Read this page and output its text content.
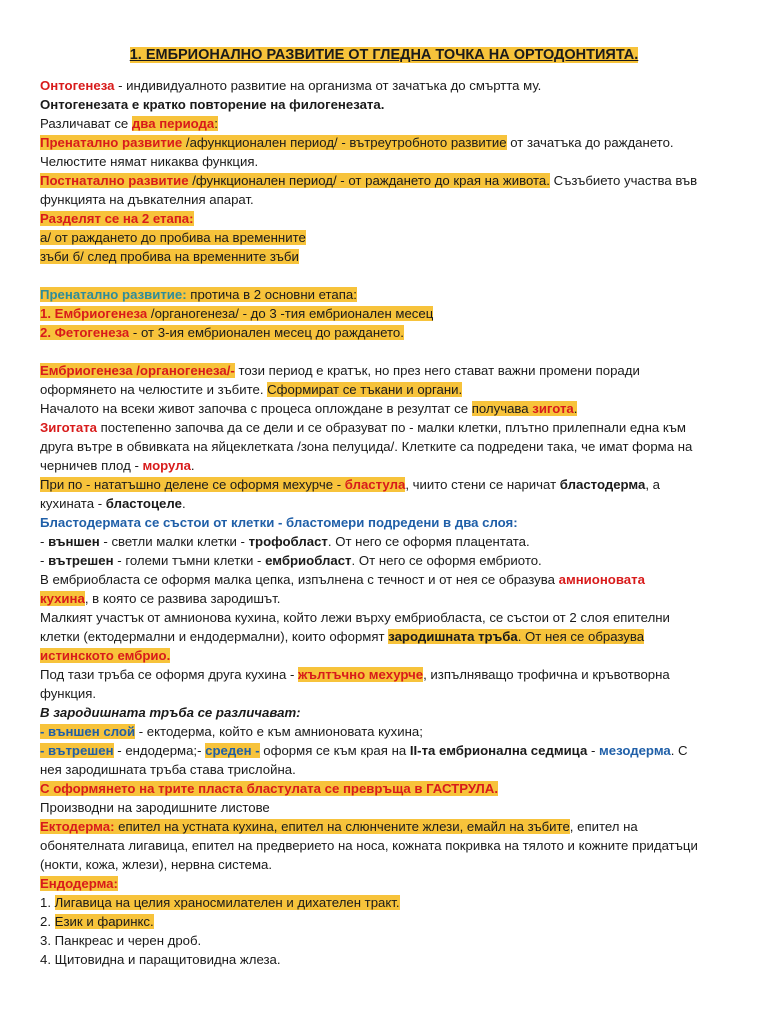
1. ЕМБРИОНАЛНО РАЗВИТИЕ ОТ ГЛЕДНА ТОЧКА НА ОРТОДОНТИЯТА.
Онтогенеза - индивидуалното развитие на организма от зачатъка до смъртта му.
Онтогенезата е кратко повторение на филогенезата.
Различават се два периода:
Пренатално развитие /афункционален период/ - вътреутробното развитие от зачатъка до раждането.
Челюстите нямат никаква функция.
Постнатално развитие /функционален период/ - от раждането до края на живота. Съзъбието участва във
функцията на дъвкателния апарат.
Разделят се на 2 етапа:
а/ от раждането до пробива на временните
зъби б/ след пробива на временните зъби
Пренатално развитие: протича в 2 основни етапа:
1. Ембриогенеза /органогенеза/ - до 3 -тия ембрионален месец
2. Фетогенеза - от 3-ия ембрионален месец до раждането.
Ембриогенеза /органогенеза/- този период е кратък, но през него стават важни промени поради
оформянето на челюстите и зъбите. Сформират се тъкани и органи.
Началото на всеки живот започва с процеса оплождане в резултат се получава зигота.
Зиготата постепенно започва да се дели и се образуват по - малки клетки, плътно прилепнали една към
друга вътре в обвивката на яйцеклетката /зона пелуцида/. Клетките са подредени така, че имат форма на
черничев плод - морула.
При по - нататъшно делене се оформя мехурче - бластула, чиито стени се наричат бластодерма, а
кухината - бластоцеле.
Бластодермата се състои от клетки - бластомери подредени в два слоя:
- външен - светли малки клетки - трофобласт. От него се оформя плацентата.
- вътрешен - големи тъмни клетки - ембриобласт. От него се оформя ембриото.
В ембриобласта се оформя малка цепка, изпълнена с течност и от нея се образува амнионовата
кухина, в която се развива зародишът.
Малкият участък от амнионова кухина, който лежи върху ембриобласта, се състои от 2 слоя епителни
клетки (ектодермални и ендодермални), които оформят зародишната тръба. От нея се образува
истинското ембрио.
Под тази тръба се оформя друга кухина - жълтъчно мехурче, изпълняващо трофична и кръвотворна
функция.
В зародишната тръба се различават:
- външен слой - ектодерма, който е към амнионовата кухина;
- вътрешен - ендодерма;- среден - оформя се към края на II-та ембрионална седмица - мезодерма. С
нея зародишната тръба става трислойна.
С оформянето на трите пласта бластулата се превръща в ГАСТРУЛА.
Производни на зародишните листове
Ектодерма: епител на устната кухина, епител на слюнчените жлези, емайл на зъбите, епител на
обонятелната лигавица, епител на предверието на носа, кожната покривка на тялото и кожните придатъци
(нокти, кожа, жлези), нервна система.
Ендодерма:
1. Лигавица на целия храносмилателен и дихателен тракт.
2. Език и фаринкс.
3. Панкреас и черен дроб.
4. Щитовидна и паращитовидна жлеза.
